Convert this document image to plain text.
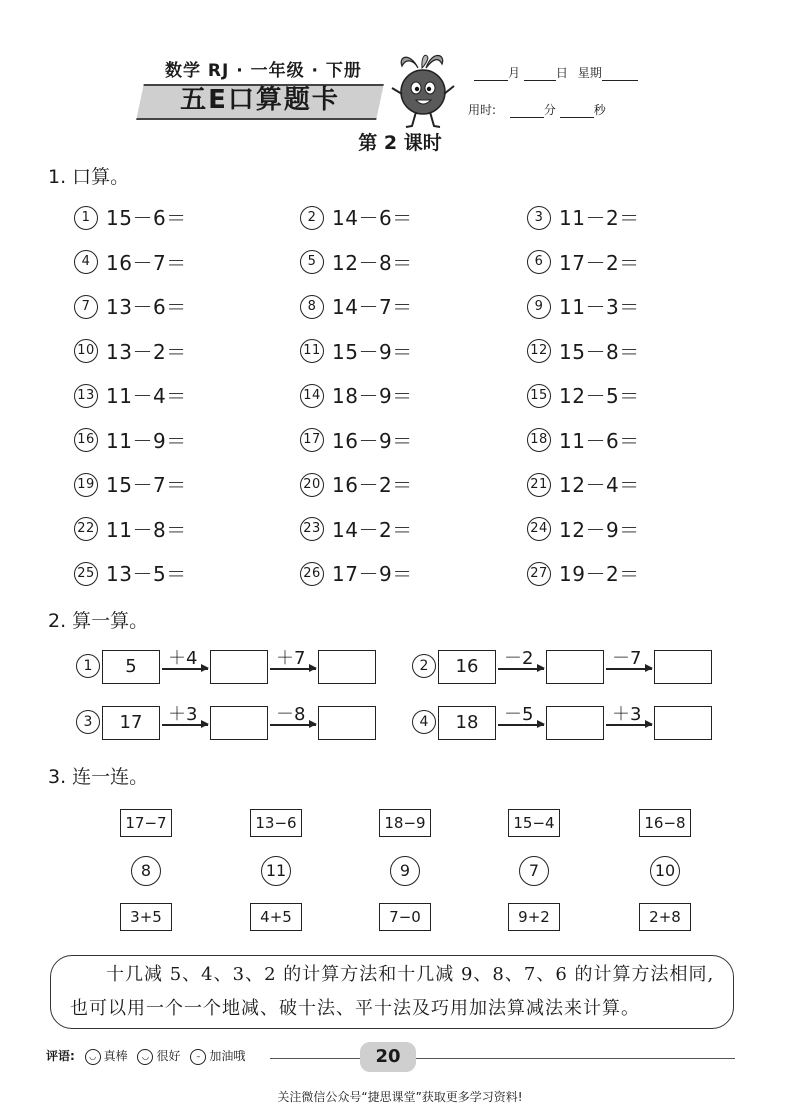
数学 RJ · 一年级 · 下册
五E口算题卡
月	日 星期
用时:	分	秒
第 2 课时
1. 口算。
1 15－6＝	2 14－6＝	3 11－2＝
4 16－7＝	5 12－8＝	6 17－2＝
7 13－6＝	8 14－7＝	9 11－3＝
10 13－2＝	11 15－9＝	12 15－8＝
13 11－4＝	14 18－9＝	15 12－5＝
16 11－9＝	17 16－9＝	18 11－6＝
19 15－7＝	20 16－2＝	21 12－4＝
22 11－8＝	23 14－2＝	24 12－9＝
25 13－5＝	26 17－9＝	27 19－2＝
2. 算一算。
1	5	＋4	＋7	2	16	－2	－7
3	17	＋3	－8	4	18	－5	＋3
3. 连一连。
17−7	13−6	18−9	15−4	16−8
8	11	9	7	10
3+5	4+5	7−0	9+2	2+8
十几减 5、4、3、2 的计算方法和十几减 9、8、7、6 的计算方法相同,
也可以用一个一个地减、破十法、平十法及巧用加法算减法来计算。
评语: ◡ 真棒 ◡ 很好 – 加油哦	20
关注微信公众号“捷思课堂”获取更多学习资料!
